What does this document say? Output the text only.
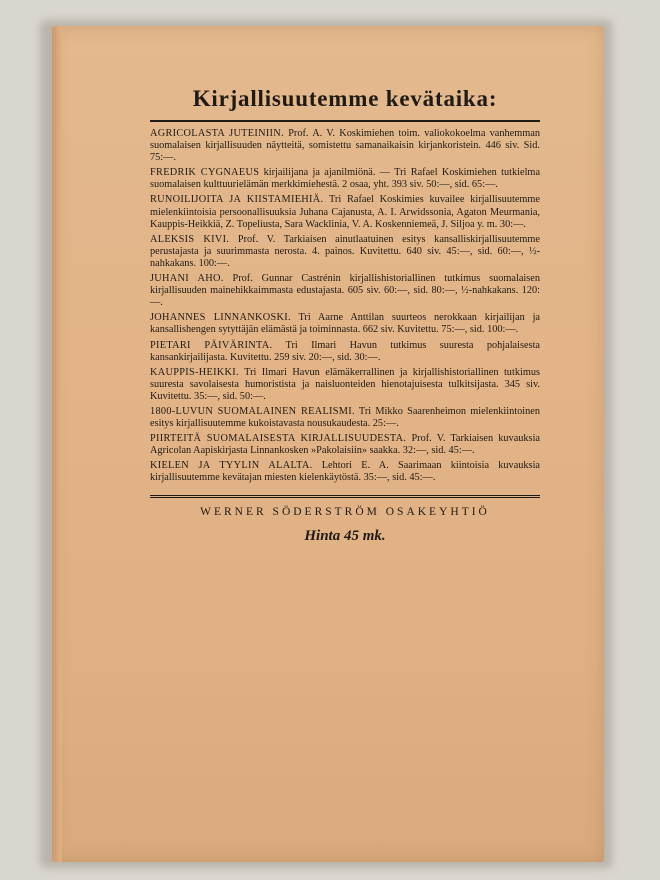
Kirjallisuutemme kevätaika:
AGRICOLASTA JUTEINIIN. Prof. A. V. Koskimiehen toim. valiokokoelma vanhemman suomalaisen kirjallisuuden näytteitä, somistettu samanaikaisin kirjankoristein. 446 siv. Sid. 75:—.
FREDRIK CYGNAEUS kirjailijana ja ajanilmiönä. — Tri Rafael Koskimiehen tutkielma suomalaisen kulttuurielämän merkkimiehestä. 2 osaa, yht. 393 siv. 50:—, sid. 65:—.
RUNOILIJOITA JA KIISTAMIEHIÄ. Tri Rafael Koskimies kuvailee kirjallisuutemme mielenkiintoisia persoonallisuuksia Juhana Cajanusta, A. I. Arwidssonia, Agaton Meurmania, Kauppis-Heikkiä, Z. Topeliusta, Sara Wacklinia, V. A. Koskenniemeä, J. Siljoa y. m. 30:—.
ALEKSIS KIVI. Prof. V. Tarkiaisen ainutlaatuinen esitys kansalliskirjallisuutemme perustajasta ja suurimmasta nerosta. 4. painos. Kuvitettu. 640 siv. 45:—, sid. 60:—, ½-nahkakans. 100:—.
JUHANI AHO. Prof. Gunnar Castrénin kirjallishistoriallinen tutkimus suomalaisen kirjallisuuden mainehikkaimmasta edustajasta. 605 siv. 60:—, sid. 80:—, ½-nahkakans. 120:—.
JOHANNES LINNANKOSKI. Tri Aarne Anttilan suurteos nerokkaan kirjailijan ja kansallishengen sytyttäjän elämästä ja toiminnasta. 662 siv. Kuvitettu. 75:—, sid. 100:—.
PIETARI PÄIVÄRINTA. Tri Ilmari Havun tutkimus suuresta pohjalaisesta kansankirjailijasta. Kuvitettu. 259 siv. 20:—, sid. 30:—.
KAUPPIS-HEIKKI. Tri Ilmari Havun elämäkerrallinen ja kirjallishistoriallinen tutkimus suuresta savolaisesta humoristista ja naisluonteiden hienotajuisesta tulkitsijasta. 345 siv. Kuvitettu. 35:—, sid. 50:—.
1800-LUVUN SUOMALAINEN REALISMI. Tri Mikko Saarenheimon mielenkiintoinen esitys kirjallisuutemme kukoistavasta nousukaudesta. 25:—.
PIIRTEITÄ SUOMALAISESTA KIRJALLISUUDESTA. Prof. V. Tarkiaisen kuvauksia Agricolan Aapiskirjasta Linnankosken »Pakolaisiin» saakka. 32:—, sid. 45:—.
KIELEN JA TYYLIN ALALTA. Lehtori E. A. Saarimaan kiintoisia kuvauksia kirjallisuutemme kevätajan miesten kielenkäytöstä. 35:—, sid. 45:—.
WERNER SÖDERSTRÖM OSAKEYHTIÖ
Hinta 45 mk.
